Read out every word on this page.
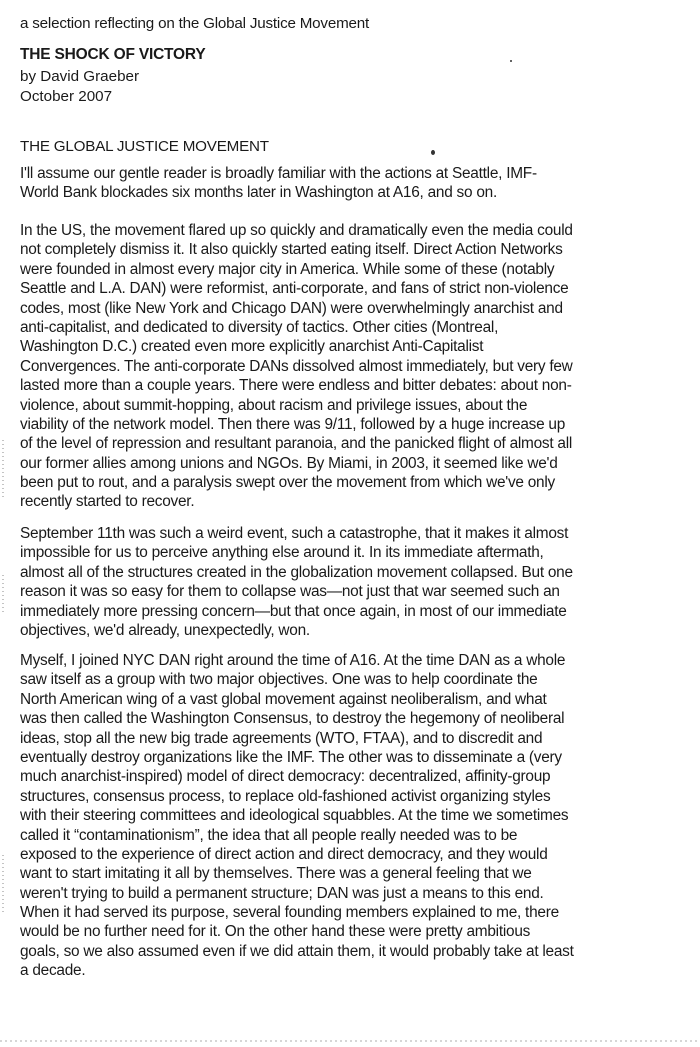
a selection reflecting on the Global Justice Movement
THE SHOCK OF VICTORY
by David Graeber
October 2007
THE GLOBAL JUSTICE MOVEMENT
I'll assume our gentle reader is broadly familiar with the actions at Seattle, IMF-
World Bank blockades six months later in Washington at A16, and so on.
In the US, the movement flared up so quickly and dramatically even the media could
not completely dismiss it. It also quickly started eating itself. Direct Action Networks
were founded in almost every major city in America. While some of these (notably
Seattle and L.A. DAN) were reformist, anti-corporate, and fans of strict non-violence
codes, most (like New York and Chicago DAN) were overwhelmingly anarchist and
anti-capitalist, and dedicated to diversity of tactics. Other cities (Montreal,
Washington D.C.) created even more explicitly anarchist Anti-Capitalist
Convergences. The anti-corporate DANs dissolved almost immediately, but very few
lasted more than a couple years. There were endless and bitter debates: about non-
violence, about summit-hopping, about racism and privilege issues, about the
viability of the network model. Then there was 9/11, followed by a huge increase up
of the level of repression and resultant paranoia, and the panicked flight of almost all
our former allies among unions and NGOs. By Miami, in 2003, it seemed like we'd
been put to rout, and a paralysis swept over the movement from which we've only
recently started to recover.
September 11th was such a weird event, such a catastrophe, that it makes it almost
impossible for us to perceive anything else around it. In its immediate aftermath,
almost all of the structures created in the globalization movement collapsed. But one
reason it was so easy for them to collapse was—not just that war seemed such an
immediately more pressing concern—but that once again, in most of our immediate
objectives, we'd already, unexpectedly, won.
Myself, I joined NYC DAN right around the time of A16. At the time DAN as a whole
saw itself as a group with two major objectives. One was to help coordinate the
North American wing of a vast global movement against neoliberalism, and what
was then called the Washington Consensus, to destroy the hegemony of neoliberal
ideas, stop all the new big trade agreements (WTO, FTAA), and to discredit and
eventually destroy organizations like the IMF. The other was to disseminate a (very
much anarchist-inspired) model of direct democracy: decentralized, affinity-group
structures, consensus process, to replace old-fashioned activist organizing styles
with their steering committees and ideological squabbles. At the time we sometimes
called it “contaminationism”, the idea that all people really needed was to be
exposed to the experience of direct action and direct democracy, and they would
want to start imitating it all by themselves. There was a general feeling that we
weren't trying to build a permanent structure; DAN was just a means to this end.
When it had served its purpose, several founding members explained to me, there
would be no further need for it. On the other hand these were pretty ambitious
goals, so we also assumed even if we did attain them, it would probably take at least
a decade.
